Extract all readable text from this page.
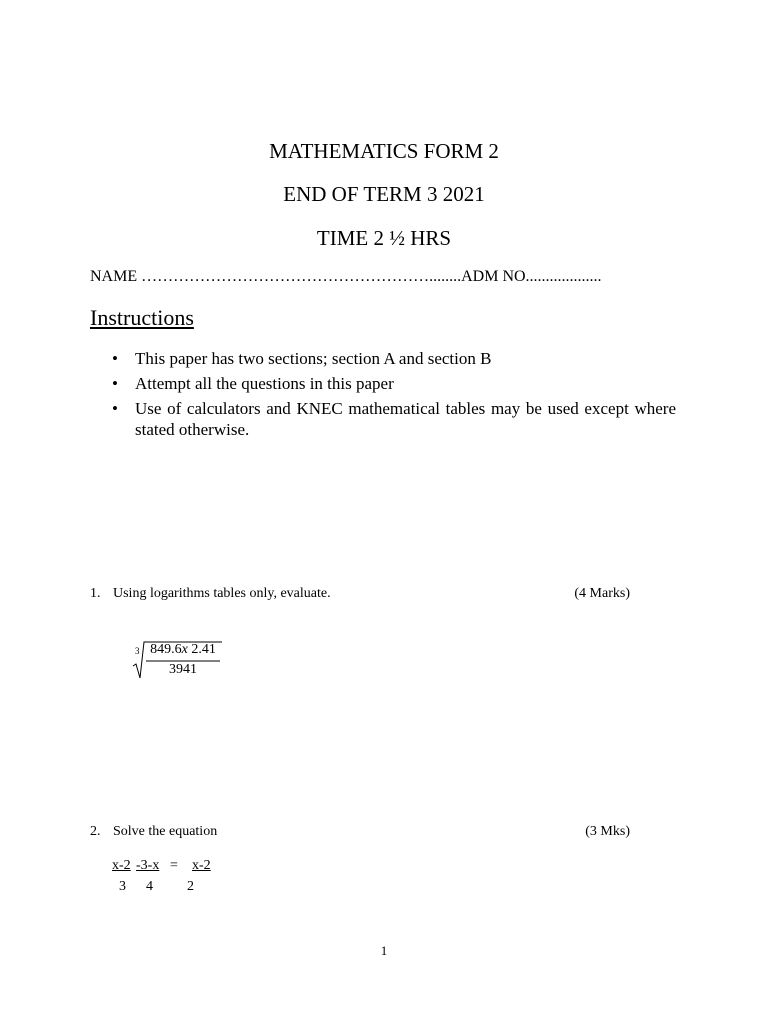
MATHEMATICS FORM 2
END OF TERM 3 2021
TIME 2 ½ HRS
NAME ………………………………………………........ADM NO...................
Instructions
• This paper has two sections; section A and section B
• Attempt all the questions in this paper
• Use of calculators and KNEC mathematical tables may be used except where stated otherwise.
1. Using logarithms tables only, evaluate.	(4 Marks)
3 849.6x 2.41
3941
2. Solve the equation	(3 Mks)
x-2 -3-x = x-2
3 4 2
1
